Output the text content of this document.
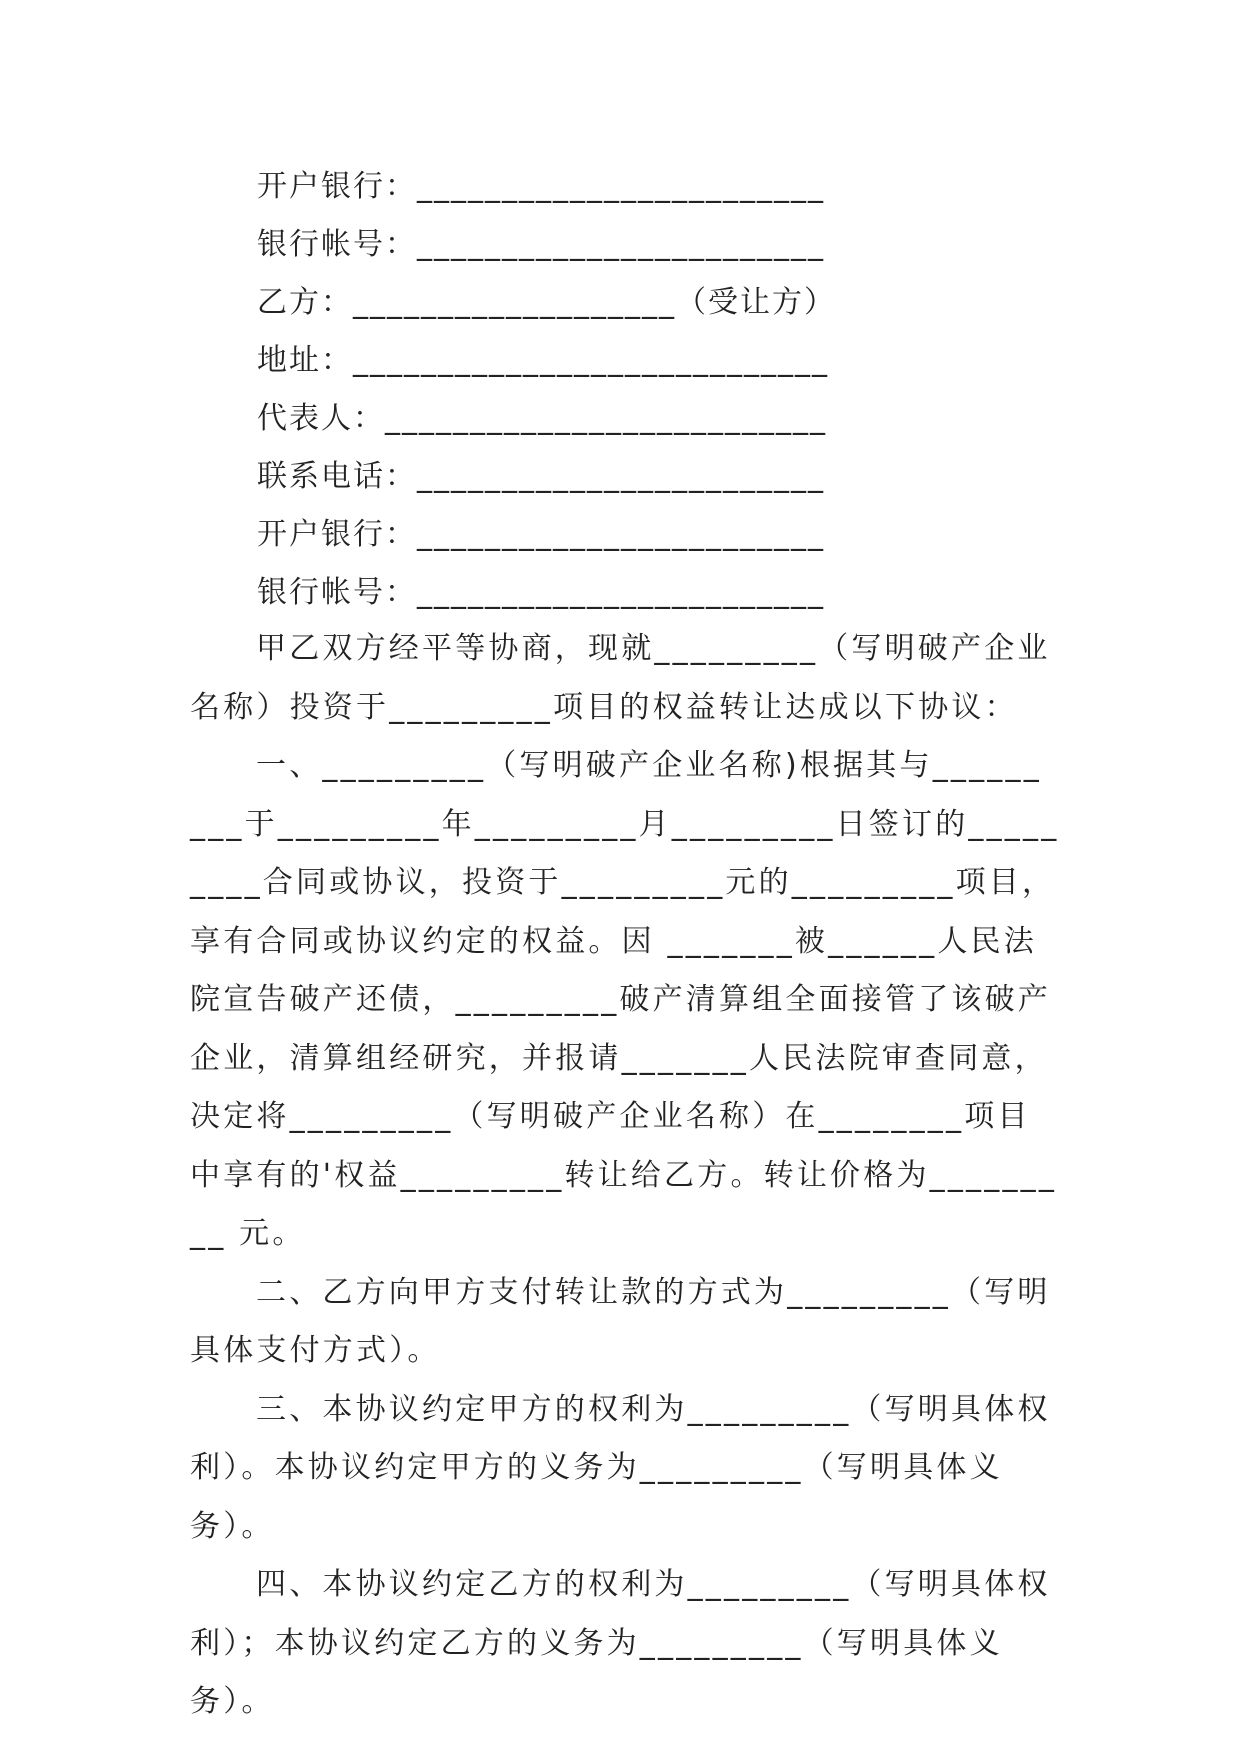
开户银行：________________________
银行帐号：________________________
乙方：___________________（受让方）
地址：____________________________
代表人：__________________________
联系电话：________________________
开户银行：________________________
银行帐号：________________________

甲乙双方经平等协商，现就_________（写明破产企业名称）投资于_________项目的权益转让达成以下协议：

一、_________（写明破产企业名称)根据其与_________于_________年_________月_________日签订的_________合同或协议，投资于_________元的_________项目，享有合同或协议约定的权益。因 _______被______人民法院宣告破产还债，_________破产清算组全面接管了该破产企业，清算组经研究，并报请_______人民法院审查同意，决定将_________（写明破产企业名称）在________项目中享有的'权益_________转让给乙方。转让价格为_________ 元。

二、乙方向甲方支付转让款的方式为_________（写明具体支付方式）。

三、本协议约定甲方的权利为_________（写明具体权利）。本协议约定甲方的义务为_________（写明具体义务）。

四、本协议约定乙方的权利为_________（写明具体权利）；本协议约定乙方的义务为_________（写明具体义务）。
